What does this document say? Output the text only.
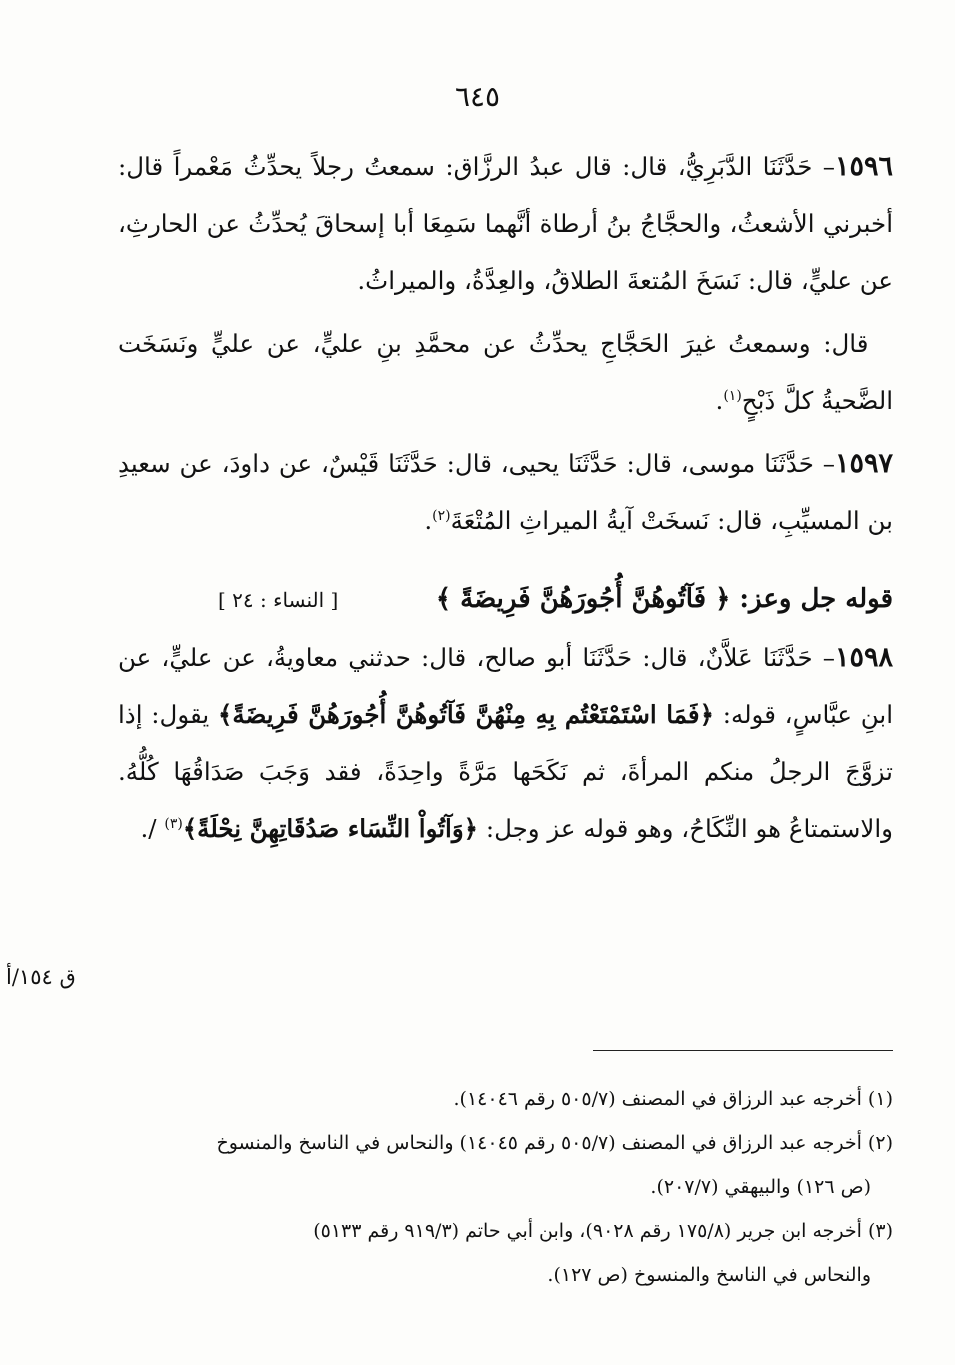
٦٤٥

١٥٩٦– حَدَّثَنَا الدَّبَرِيُّ، قال: قال عبدُ الرزَّاق: سمعتُ رجلاً يحدِّثُ مَعْمراً قال: أخبرني الأشعثُ، والحجَّاجُ بنُ أرطاة أنَّهما سَمِعَا أبا إسحاقَ يُحدِّثُ عن الحارثِ، عن عليٍّ، قال: نَسَخَ المُتعةَ الطلاقُ، والعِدَّةُ، والميراثُ.

 قال: وسمعتُ غيرَ الحَجَّاجِ يحدِّثُ عن محمَّدِ بنِ عليٍّ، عن عليٍّ ونَسَخَت الضَّحيةُ كلَّ ذَبْحٍ$^{(١)}$.

١٥٩٧– حَدَّثَنَا موسى، قال: حَدَّثَنَا يحيى، قال: حَدَّثَنَا قَيْسٌ، عن داودَ، عن سعيدِ بن المسيِّبِ، قال: نَسخَتْ آيةُ الميراثِ المُتْعَةَ$^{(٢)}$.

قوله جل وعز: ﴿ فَآتُوهُنَّ أُجُورَهُنَّ فَرِيضَةً ﴾
[ النساء : ٢٤ ]

١٥٩٨– حَدَّثَنَا عَلاَّنٌ، قال: حَدَّثَنَا أبو صالح، قال: حدثني معاويةُ، عن عليٍّ، عن ابنِ عبَّاسٍ، قوله: ﴿فَمَا اسْتَمْتَعْتُم بِهِ مِنْهُنَّ فَآتُوهُنَّ أُجُورَهُنَّ فَرِيضَةً﴾ يقول: إذا تزوَّجَ الرجلُ منكم المرأةَ، ثم نَكَحَها مَرَّةً واحِدَةً، فقد وَجَبَ صَدَاقُهَا كُلُّهُ. والاستمتاعُ هو النِّكَاحُ، وهو قوله عز وجل: ﴿وَآتُواْ النِّسَاء صَدُقَاتِهِنَّ نِحْلَةً﴾$^{(٣)}$ /.

ق ١٥٤/أ

(١) أخرجه عبد الرزاق في المصنف (٥٠٥/٧ رقم ١٤٠٤٦).

(٢) أخرجه عبد الرزاق في المصنف (٥٠٥/٧ رقم ١٤٠٤٥) والنحاس في الناسخ والمنسوخ

(ص ١٢٦) والبيهقي (٢٠٧/٧).

(٣) أخرجه ابن جرير (١٧٥/٨ رقم ٩٠٢٨)، وابن أبي حاتم (٩١٩/٣ رقم ٥١٣٣)

والنحاس في الناسخ والمنسوخ (ص ١٢٧).
